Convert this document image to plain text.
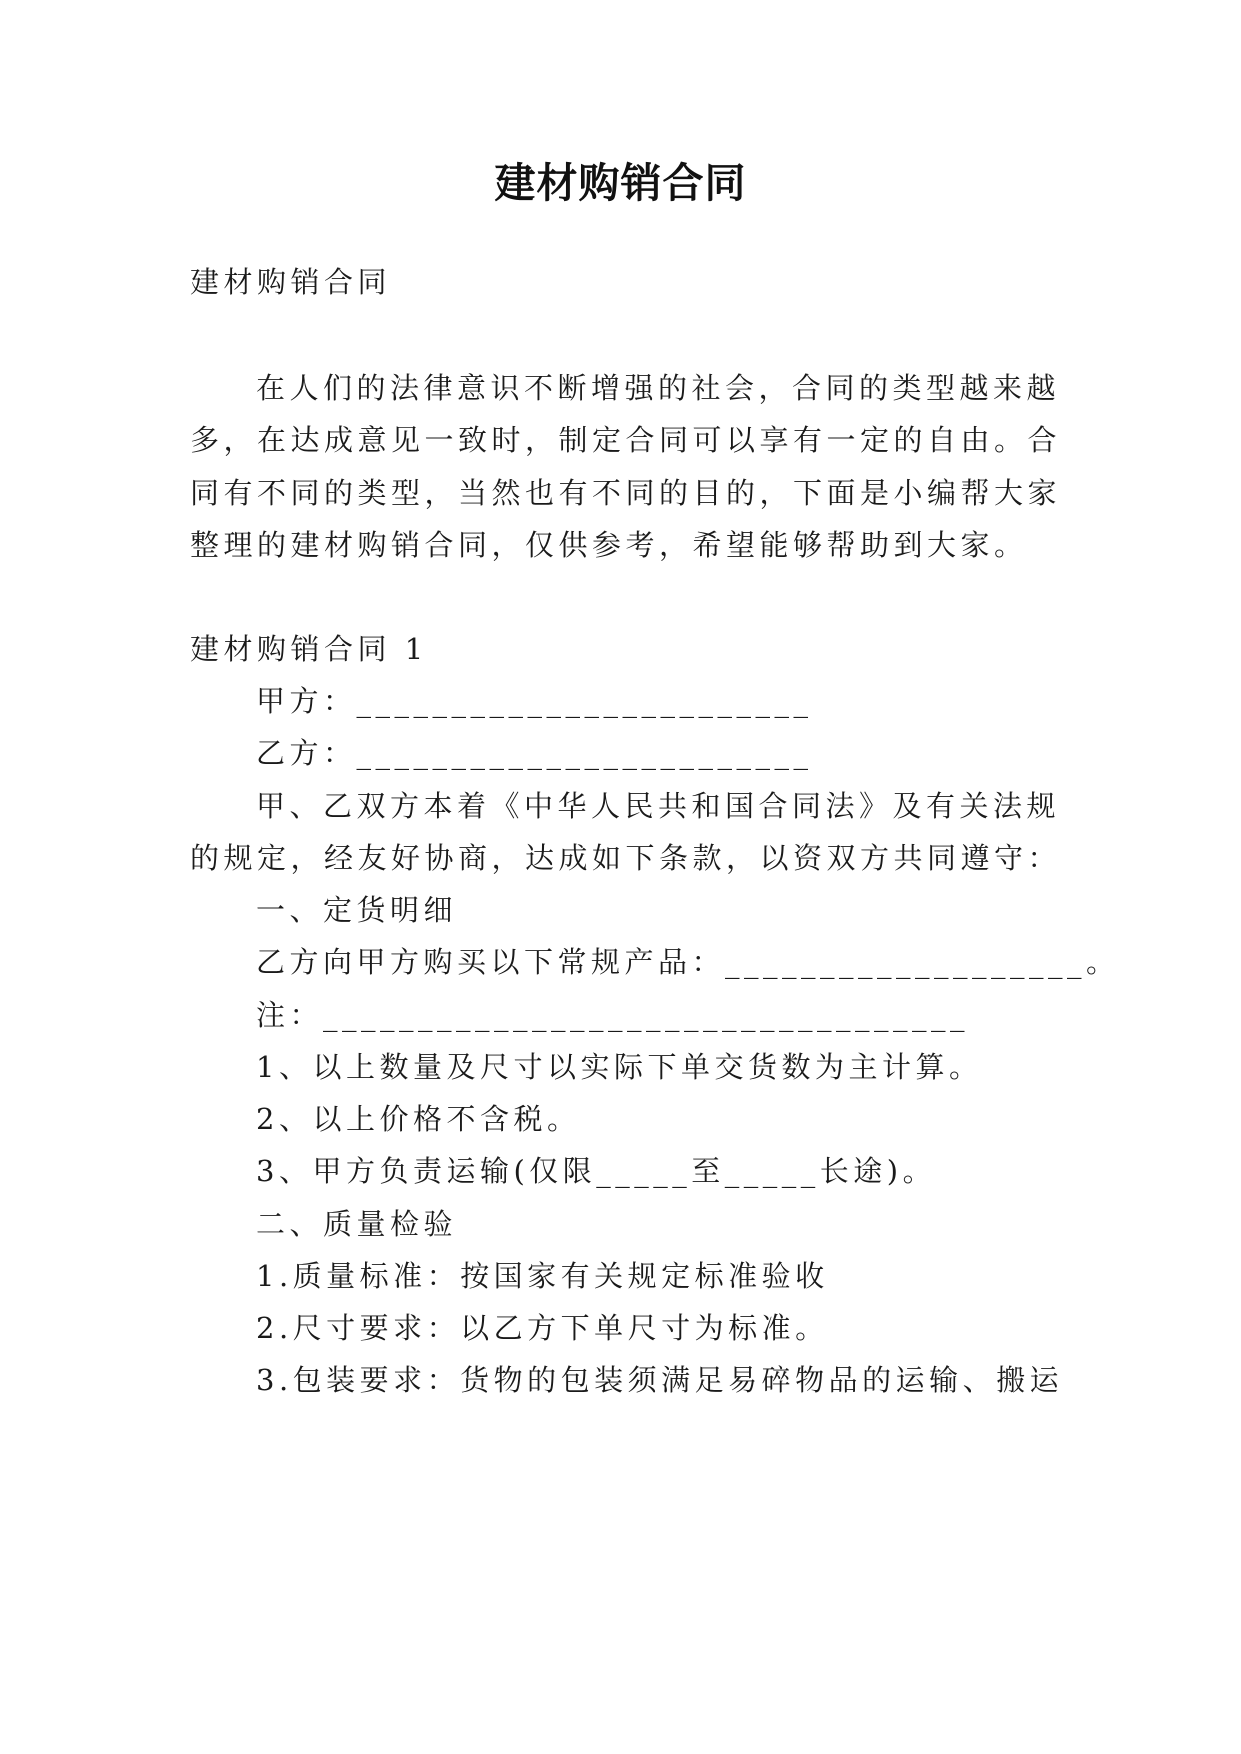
建材购销合同
建材购销合同
在人们的法律意识不断增强的社会，合同的类型越来越
多，在达成意见一致时，制定合同可以享有一定的自由。合
同有不同的类型，当然也有不同的目的，下面是小编帮大家
整理的建材购销合同，仅供参考，希望能够帮助到大家。
建材购销合同 1
甲方：________________________
乙方：________________________
甲、乙双方本着《中华人民共和国合同法》及有关法规
的规定，经友好协商，达成如下条款，以资双方共同遵守：
一、定货明细
乙方向甲方购买以下常规产品：___________________。
注：__________________________________
1、以上数量及尺寸以实际下单交货数为主计算。
2、以上价格不含税。
3、甲方负责运输(仅限_____至_____长途)。
二、质量检验
1.质量标准：按国家有关规定标准验收
2.尺寸要求：以乙方下单尺寸为标准。
3.包装要求：货物的包装须满足易碎物品的运输、搬运
